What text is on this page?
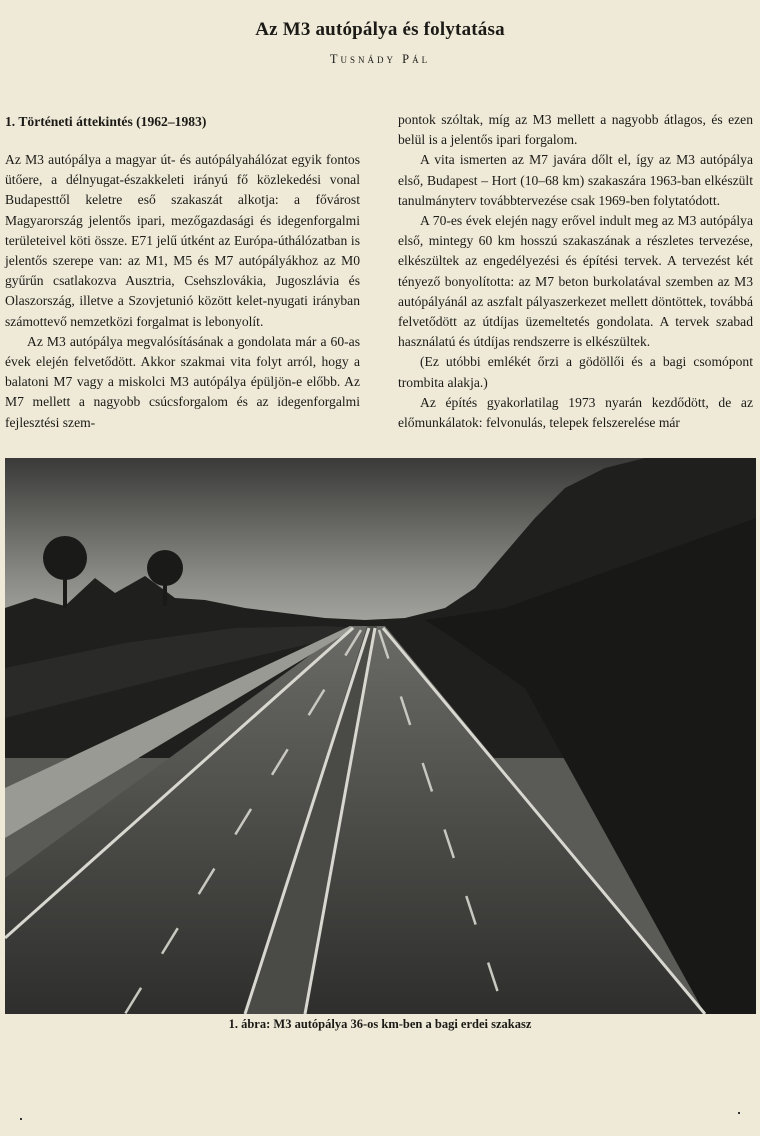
Az M3 autópálya és folytatása
Tusnády Pál
1. Történeti áttekintés (1962–1983)

Az M3 autópálya a magyar út- és autópályahálózat egyik fontos ütőere, a délnyugat-északkeleti irányú fő közlekedési vonal Budapesttől keletre eső szakaszát alkotja: a fővárost Magyarország jelentős ipari, mezőgazdasági és idegenforgalmi területeivel köti össze. E71 jelű útként az Európa-úthálózatban is jelentős szerepe van: az M1, M5 és M7 autópályákhoz az M0 gyűrűn csatlakozva Ausztria, Csehszlovákia, Jugoszlávia és Olaszország, illetve a Szovjetunió között kelet-nyugati irányban számottevő nemzetközi forgalmat is lebonyolít.

Az M3 autópálya megvalósításának a gondolata már a 60-as évek elején felvetődött. Akkor szakmai vita folyt arról, hogy a balatoni M7 vagy a miskolci M3 autópálya épüljön-e előbb. Az M7 mellett a nagyobb csúcsforgalom és az idegenforgalmi fejlesztési szem-

pontok szóltak, míg az M3 mellett a nagyobb átlagos, és ezen belül is a jelentős ipari forgalom.

A vita ismerten az M7 javára dőlt el, így az M3 autópálya első, Budapest – Hort (10–68 km) szakaszára 1963-ban elkészült tanulmányterv továbbtervezése csak 1969-ben folytatódott.

A 70-es évek elején nagy erővel indult meg az M3 autópálya első, mintegy 60 km hosszú szakaszának a részletes tervezése, elkészültek az engedélyezési és építési tervek. A tervezést két tényező bonyolította: az M7 beton burkolatával szemben az M3 autópályánál az aszfalt pályaszerkezet mellett döntöttek, továbbá felvetődött az útdíjas üzemeltetés gondolata. A tervek szabad használatú és útdíjas rendszerre is elkészültek.

(Ez utóbbi emlékét őrzi a gödöllői és a bagi csomópont trombita alakja.)

Az építés gyakorlatilag 1973 nyarán kezdődött, de az előmunkálatok: felvonulás, telepek felszerelése már

1. ábra: M3 autópálya 36-os km-ben a bagi erdei szakasz
